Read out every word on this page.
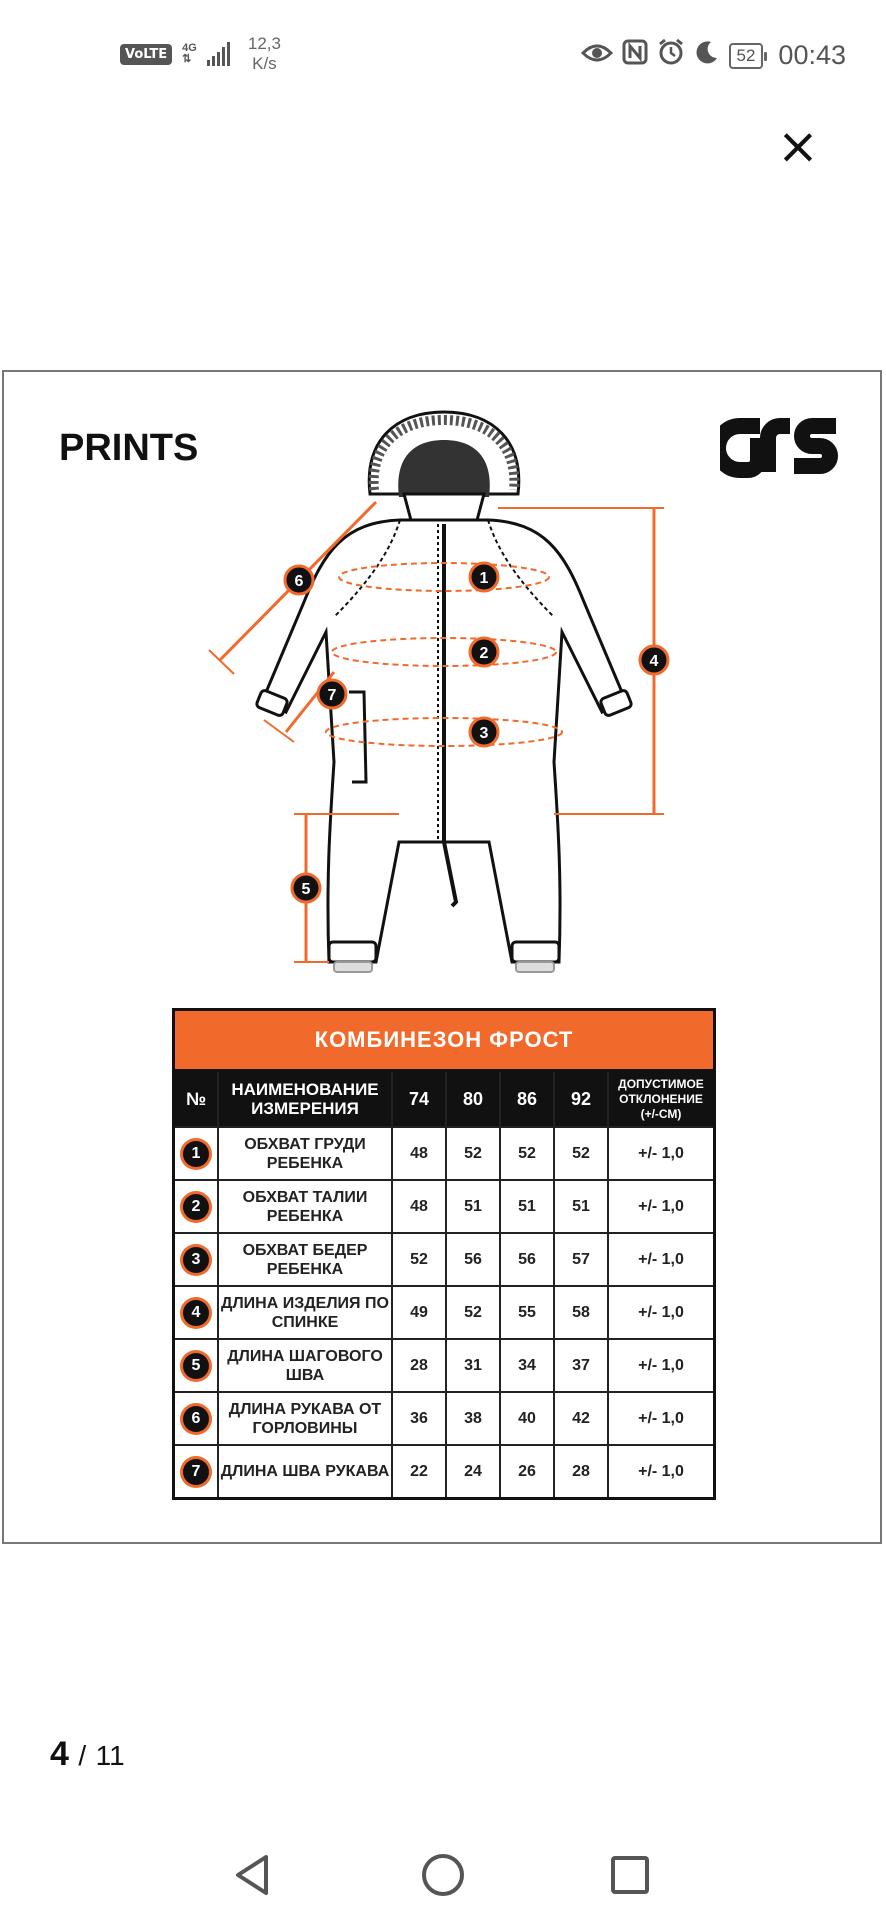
VoLTE	4G
⇅
12,3
K/s	52 00:43
×
PRINTS
1
2
3
4
5
6
7
КОМБИНЕЗОН ФРОСТ						
№	НАИМЕНОВАНИЕ
ИЗМЕРЕНИЯ	74	80	86	92	ДОПУСТИМОЕ
ОТКЛОНЕНИЕ
(+/-СМ)
1	ОБХВАТ ГРУДИ
РЕБЕНКА	48	52	52	52	+/- 1,0
2	ОБХВАТ ТАЛИИ
РЕБЕНКА	48	51	51	51	+/- 1,0
3	ОБХВАТ БЕДЕР
РЕБЕНКА	52	56	56	57	+/- 1,0
4	ДЛИНА ИЗДЕЛИЯ ПО
СПИНКЕ	49	52	55	58	+/- 1,0
5	ДЛИНА ШАГОВОГО
ШВА	28	31	34	37	+/- 1,0
6	ДЛИНА РУКАВА ОТ
ГОРЛОВИНЫ	36	38	40	42	+/- 1,0
7	ДЛИНА ШВА РУКАВА	22	24	26	28	+/- 1,0
4 / 11
